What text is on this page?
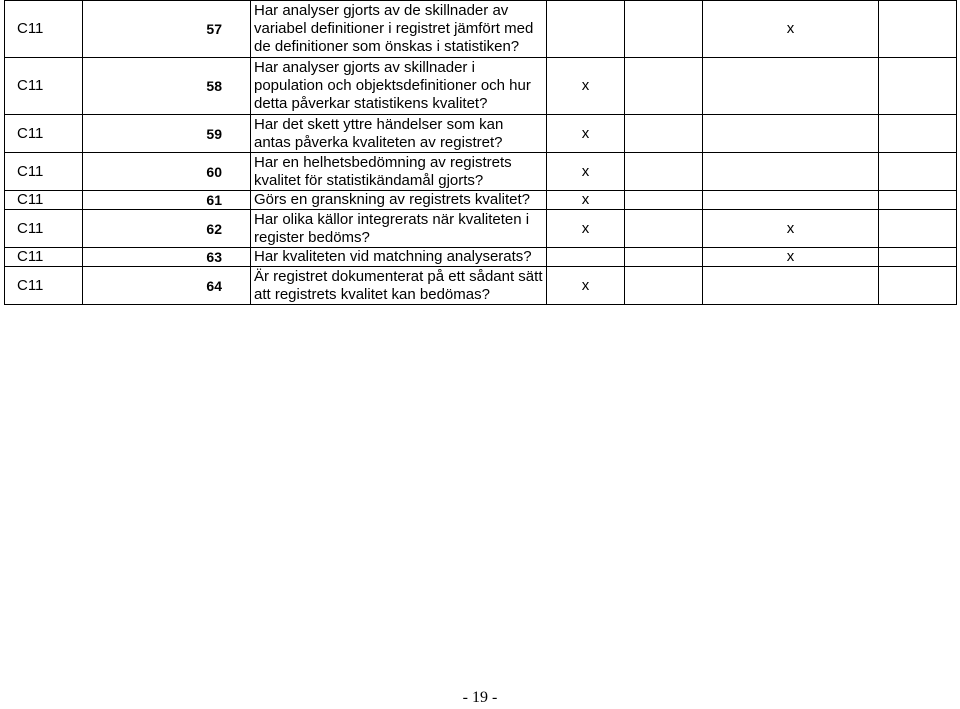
C11	57	Har analyser gjorts av de skillnader av variabel definitioner i registret jämfört med de definitioner som önskas i statistiken?			x	
C11	58	Har analyser gjorts av skillnader i population och objektsdefinitioner och hur detta påverkar statistikens kvalitet?	x			
C11	59	Har det skett yttre händelser som kan antas påverka kvaliteten av registret?	x			
C11	60	Har en helhetsbedömning av registrets kvalitet för statistikändamål gjorts?	x			
C11	61	Görs en granskning av registrets kvalitet?	x			
C11	62	Har olika källor integrerats när kvaliteten i register bedöms?	x		x	
C11	63	Har kvaliteten vid matchning analyserats?			x	
C11	64	Är registret dokumenterat på ett sådant sätt att registrets kvalitet kan bedömas?	x			
- 19 -
